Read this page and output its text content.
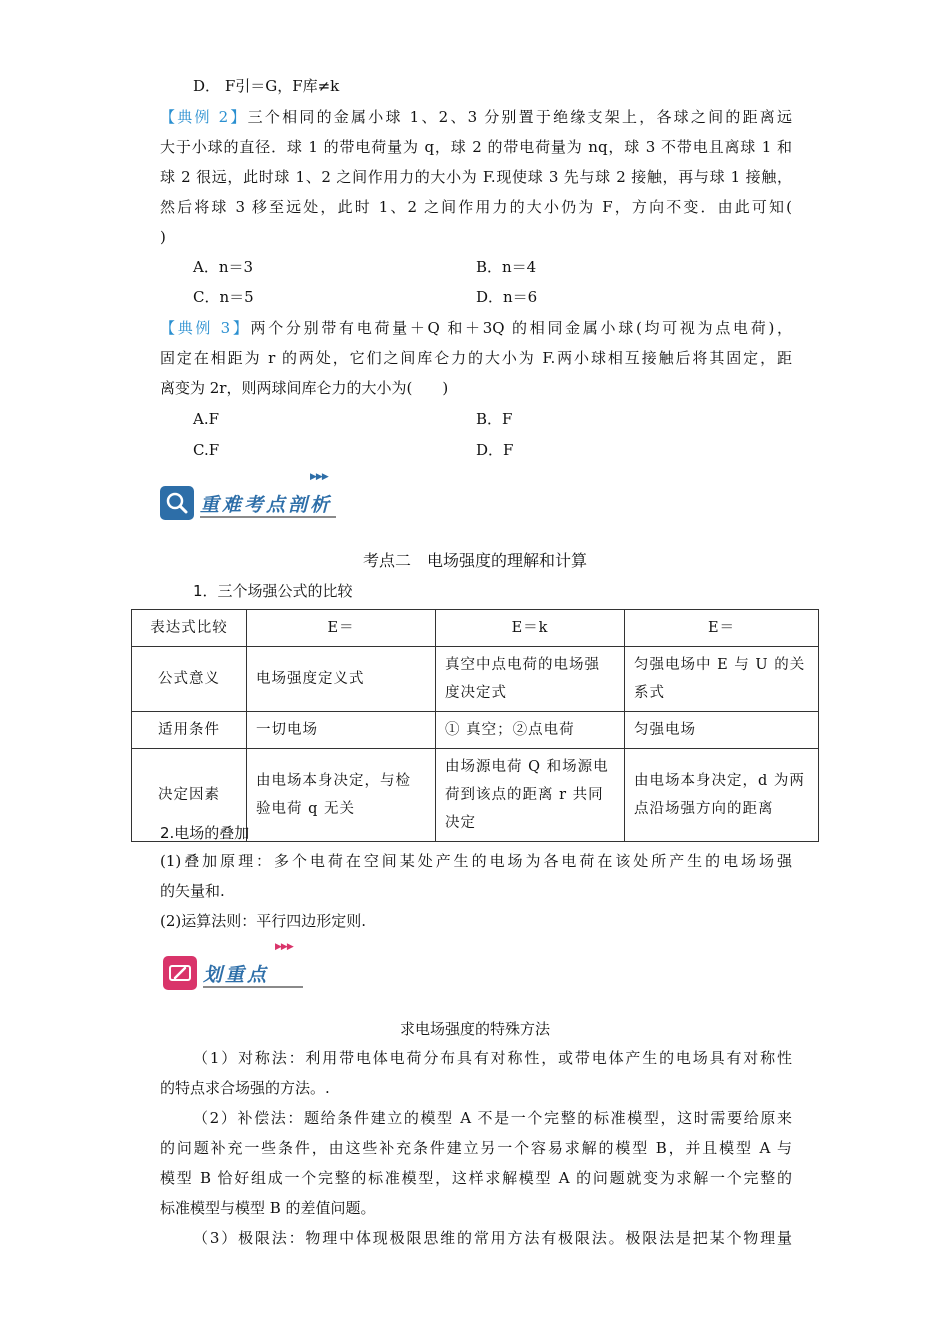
D． F引＝G，F库≠k
【典例 2】三个相同的金属小球 1、2、3 分别置于绝缘支架上，各球之间的距离远
大于小球的直径．球 1 的带电荷量为 q，球 2 的带电荷量为 nq，球 3 不带电且离球 1 和
球 2 很远，此时球 1、2 之间作用力的大小为 F.现使球 3 先与球 2 接触，再与球 1 接触，
然后将球 3 移至远处，此时 1、2 之间作用力的大小仍为 F，方向不变．由此可知(
)
A．n＝3	B．n＝4
C．n＝5	D．n＝6
【典例 3】两个分别带有电荷量＋Q 和＋3Q 的相同金属小球(均可视为点电荷)，
固定在相距为 r 的两处，它们之间库仑力的大小为 F.两小球相互接触后将其固定，距
离变为 2r，则两球间库仑力的大小为(　　)
A.F	B．F
C.F	D．F
重难考点剖析
▶▶▶
考点二　电场强度的理解和计算
1．三个场强公式的比较
表达式比较	E＝	E＝k	E＝
公式意义	电场强度定义式	真空中点电荷的电场强度决定式	匀强电场中 E 与 U 的关系式
适用条件	一切电场	① 真空；②点电荷	匀强电场
决定因素	由电场本身决定，与检验电荷 q 无关	由场源电荷 Q 和场源电荷到该点的距离 r 共同决定	由电场本身决定，d 为两点沿场强方向的距离
2.电场的叠加
(1)叠加原理：多个电荷在空间某处产生的电场为各电荷在该处所产生的电场场强
的矢量和.
(2)运算法则：平行四边形定则.
划重点
▶▶▶
求电场强度的特殊方法
（1）对称法：利用带电体电荷分布具有对称性，或带电体产生的电场具有对称性
的特点求合场强的方法。.
（2）补偿法：题给条件建立的模型 A 不是一个完整的标准模型，这时需要给原来
的问题补充一些条件，由这些补充条件建立另一个容易求解的模型 B，并且模型 A 与
模型 B 恰好组成一个完整的标准模型，这样求解模型 A 的问题就变为求解一个完整的
标准模型与模型 B 的差值问题。
（3）极限法：物理中体现极限思维的常用方法有极限法。极限法是把某个物理量
